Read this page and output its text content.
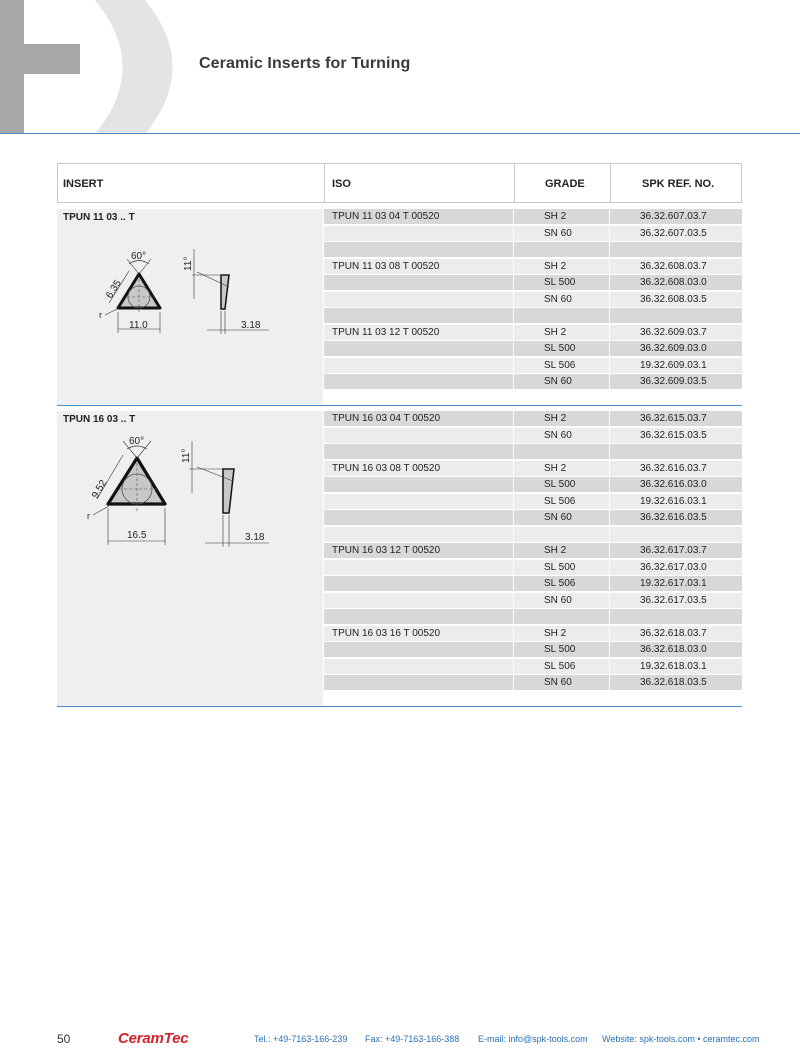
Ceramic Inserts for Turning
INSERT	ISO	GRADE	SPK REF. NO.
TPUN 11 03 .. T
60°
6.35
r
11.0
11°
3.18
TPUN 11 03 04 T 00520	SH 2	36.32.607.03.7
SN 60	36.32.607.03.5
TPUN 11 03 08 T 00520	SH 2	36.32.608.03.7
SL 500	36.32.608.03.0
SN 60	36.32.608.03.5
TPUN 11 03 12 T 00520	SH 2	36.32.609.03.7
SL 500	36.32.609.03.0
SL 506	19.32.609.03.1
SN 60	36.32.609.03.5
TPUN 16 03 .. T
60°
9.52
r
16.5
11°
3.18
TPUN 16 03 04 T 00520	SH 2	36.32.615.03.7
SN 60	36.32.615.03.5
TPUN 16 03 08 T 00520	SH 2	36.32.616.03.7
SL 500	36.32.616.03.0
SL 506	19.32.616.03.1
SN 60	36.32.616.03.5
TPUN 16 03 12 T 00520	SH 2	36.32.617.03.7
SL 500	36.32.617.03.0
SL 506	19.32.617.03.1
SN 60	36.32.617.03.5
TPUN 16 03 16 T 00520	SH 2	36.32.618.03.7
SL 500	36.32.618.03.0
SL 506	19.32.618.03.1
SN 60	36.32.618.03.5
50	CeramTec	Tel.: +49-7163-166-239 Fax: +49-7163-166-388 E-mail: info@spk-tools.com Website: spk-tools.com • ceramtec.com
